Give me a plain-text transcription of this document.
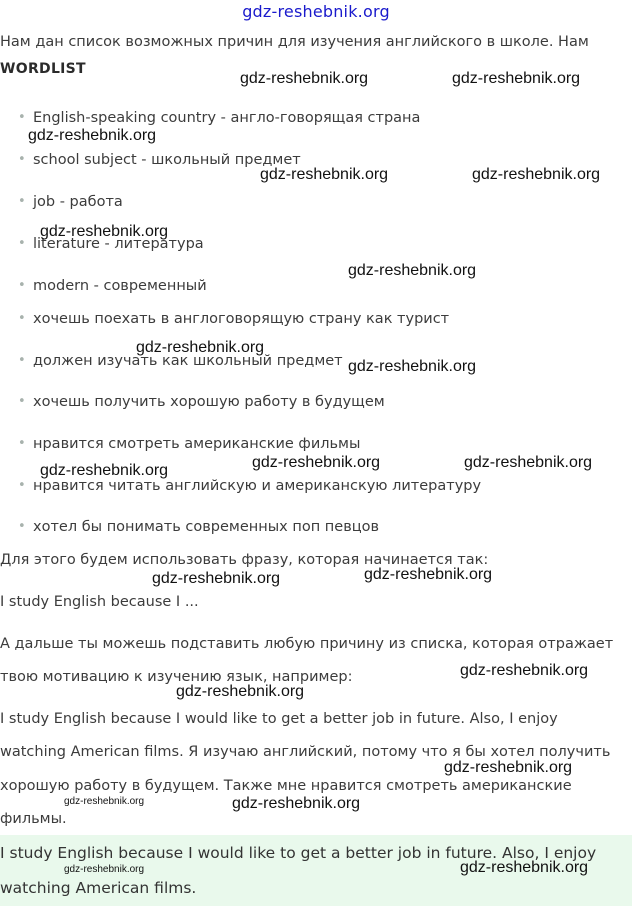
gdz-reshebnik.org
Нам дан список возможных причин для изучения английского в школе. Нам
WORDLIST
• English-speaking country - англо-говорящая страна
• school subject - школьный предмет
• job - работа
• literature - литература
• modern - современный
• хочешь поехать в англоговорящую страну как турист
• должен изучать как школьный предмет
• хочешь получить хорошую работу в будущем
• нравится смотреть американские фильмы
• нравится читать английскую и американскую литературу
• хотел бы понимать современных поп певцов
Для этого будем использовать фразу, которая начинается так:
I study English because I ...
А дальше ты можешь подставить любую причину из списка, которая отражает
твою мотивацию к изучению язык, например:
I study English because I would like to get a better job in future. Also, I enjoy
watching American films. Я изучаю английский, потому что я бы хотел получить
хорошую работу в будущем. Также мне нравится смотреть американские
фильмы.
I study English because I would like to get a better job in future. Also, I enjoy
watching American films.
gdz-reshebnik.org	gdz-reshebnik.org
gdz-reshebnik.org
gdz-reshebnik.org	gdz-reshebnik.org
gdz-reshebnik.org
gdz-reshebnik.org
gdz-reshebnik.org
gdz-reshebnik.org
gdz-reshebnik.org	gdz-reshebnik.org
gdz-reshebnik.org
gdz-reshebnik.org
gdz-reshebnik.org
gdz-reshebnik.org
gdz-reshebnik.org
gdz-reshebnik.org
gdz-reshebnik.org	gdz-reshebnik.org
gdz-reshebnik.org	gdz-reshebnik.org
